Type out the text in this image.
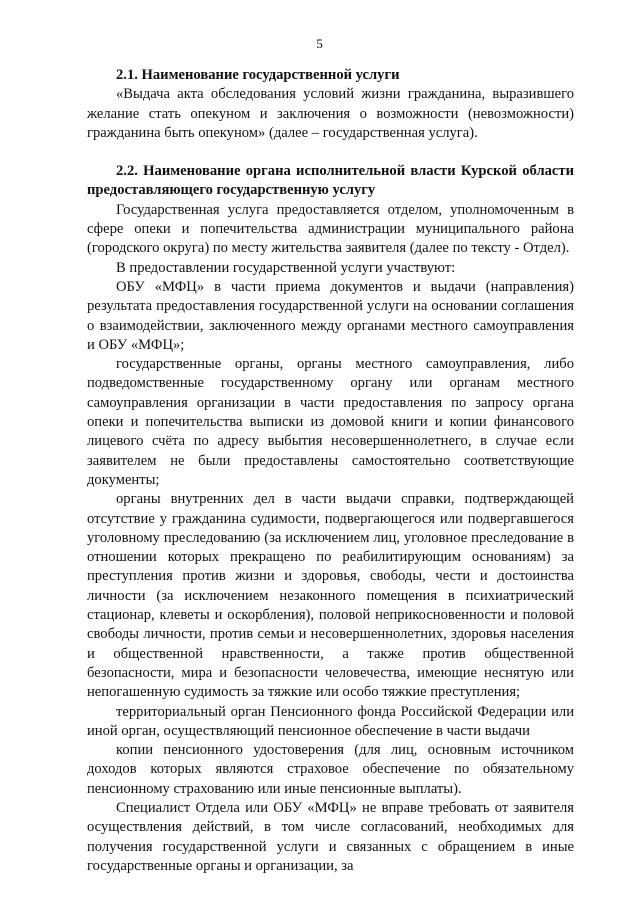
5

2.1. Наименование государственной услуги

«Выдача акта обследования условий жизни гражданина, выразившего желание стать опекуном и заключения о возможности (невозможности) гражданина быть опекуном» (далее – государственная услуга).

2.2. Наименование органа исполнительной власти Курской области предоставляющего государственную услугу

Государственная услуга предоставляется отделом, уполномоченным в сфере опеки и попечительства администрации муниципального района (городского округа) по месту жительства заявителя (далее по тексту - Отдел).

В предоставлении государственной услуги участвуют:

ОБУ «МФЦ» в части приема документов и выдачи (направления) результата предоставления государственной услуги на основании соглашения о взаимодействии, заключенного между органами местного самоуправления и ОБУ «МФЦ»;

государственные органы, органы местного самоуправления, либо подведомственные государственному органу или органам местного самоуправления организации в части предоставления по запросу органа опеки и попечительства выписки из домовой книги и копии финансового лицевого счёта по адресу выбытия несовершеннолетнего, в случае если заявителем не были предоставлены самостоятельно соответствующие документы;

органы внутренних дел в части выдачи справки, подтверждающей отсутствие у гражданина судимости, подвергающегося или подвергавшегося уголовному преследованию (за исключением лиц, уголовное преследование в отношении которых прекращено по реабилитирующим основаниям) за преступления против жизни и здоровья, свободы, чести и достоинства личности (за исключением незаконного помещения в психиатрический стационар, клеветы и оскорбления), половой неприкосновенности и половой свободы личности, против семьи и несовершеннолетних, здоровья населения и общественной нравственности, а также против общественной безопасности, мира и безопасности человечества, имеющие неснятую или непогашенную судимость за тяжкие или особо тяжкие преступления;

территориальный орган Пенсионного фонда Российской Федерации или иной орган, осуществляющий пенсионное обеспечение в части выдачи

копии пенсионного удостоверения (для лиц, основным источником доходов которых являются страховое обеспечение по обязательному пенсионному страхованию или иные пенсионные выплаты).

Специалист Отдела или ОБУ «МФЦ» не вправе требовать от заявителя осуществления действий, в том числе согласований, необходимых для получения государственной услуги и связанных с обращением в иные государственные органы и организации, за
